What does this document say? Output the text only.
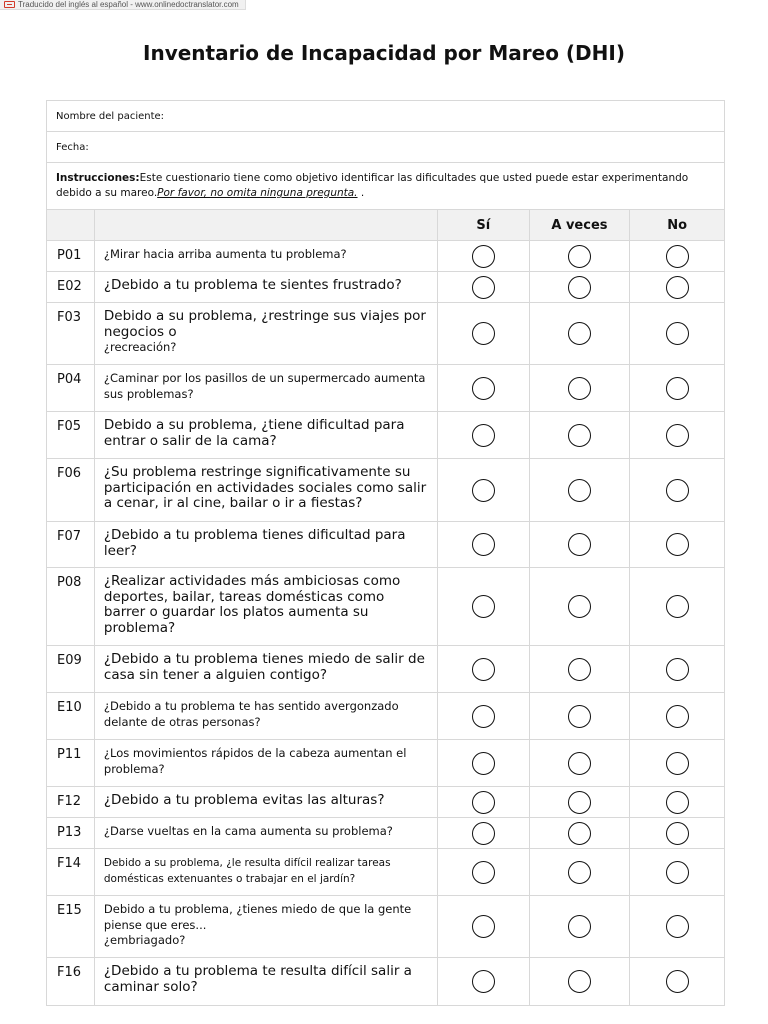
Traducido del inglés al español - www.onlinedoctranslator.com
Inventario de Incapacidad por Mareo (DHI)
Nombre del paciente:
Fecha:
Instrucciones:Este cuestionario tiene como objetivo identificar las dificultades que usted puede estar experimentando debido a su mareo.Por favor, no omita ninguna pregunta. .
Sí	A veces	No
P01	¿Mirar hacia arriba aumenta tu problema?
E02	¿Debido a tu problema te sientes frustrado?
F03	Debido a su problema, ¿restringe sus viajes por negocios o
¿recreación?
P04	¿Caminar por los pasillos de un supermercado aumenta sus problemas?
F05	Debido a su problema, ¿tiene dificultad para entrar o salir de la cama?
F06	¿Su problema restringe significativamente su participación en actividades sociales como salir a cenar, ir al cine, bailar o ir a fiestas?
F07	¿Debido a tu problema tienes dificultad para leer?
P08	¿Realizar actividades más ambiciosas como deportes, bailar, tareas domésticas como barrer o guardar los platos aumenta su problema?
E09	¿Debido a tu problema tienes miedo de salir de casa sin tener a alguien contigo?
E10	¿Debido a tu problema te has sentido avergonzado delante de otras personas?
P11	¿Los movimientos rápidos de la cabeza aumentan el problema?
F12	¿Debido a tu problema evitas las alturas?
P13	¿Darse vueltas en la cama aumenta su problema?
F14	Debido a su problema, ¿le resulta difícil realizar tareas domésticas extenuantes o trabajar en el jardín?
E15	Debido a tu problema, ¿tienes miedo de que la gente piense que eres...
¿embriagado?
F16	¿Debido a tu problema te resulta difícil salir a caminar solo?
